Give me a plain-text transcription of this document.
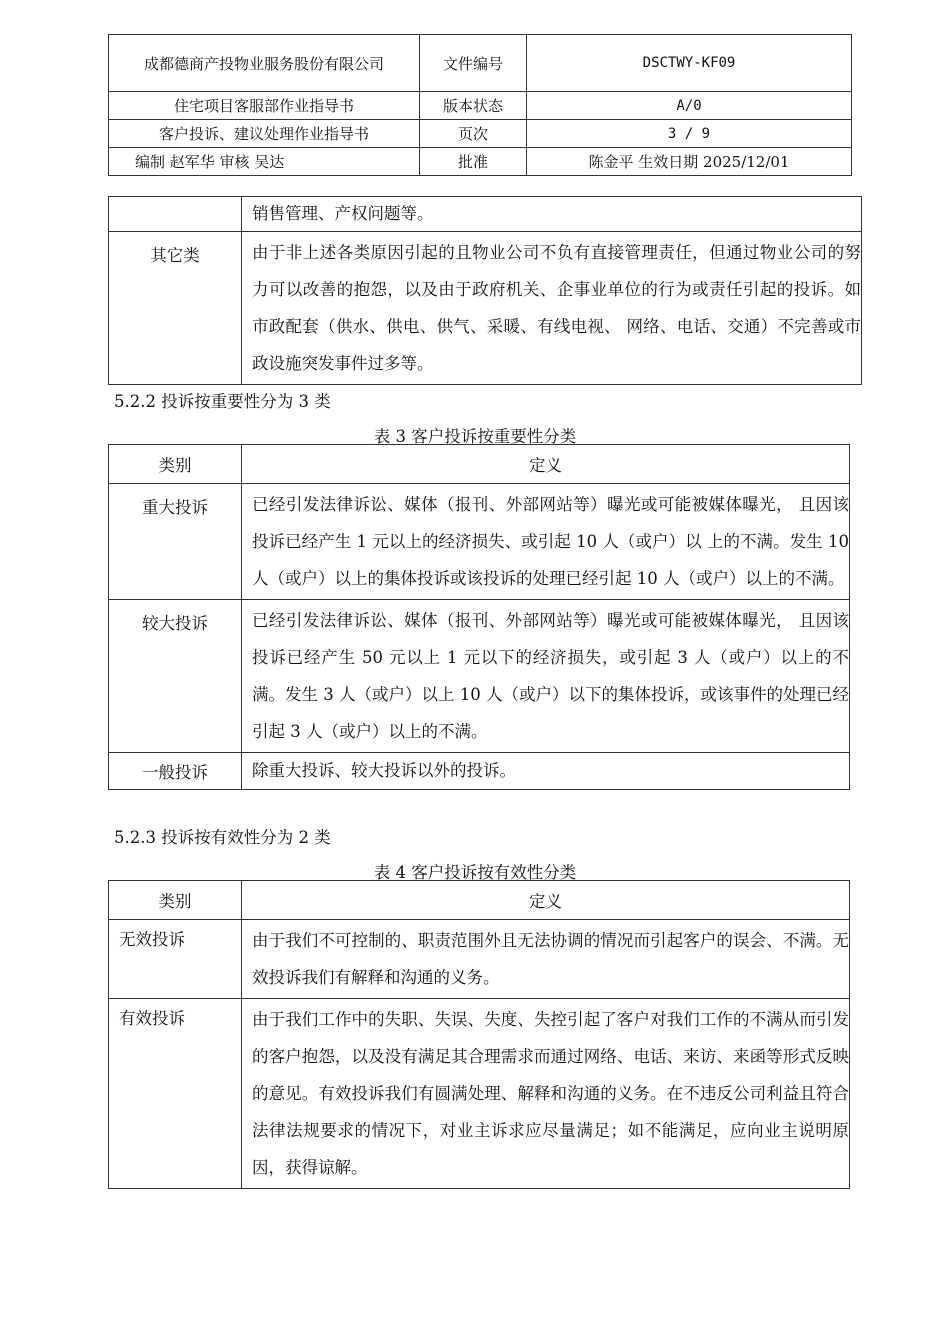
成都德商产投物业服务股份有限公司	文件编号	DSCTWY-KF09
住宅项目客服部作业指导书	版本状态	A/0
客户投诉、建议处理作业指导书	页次	3 / 9
编制 赵军华 审核 吴达	批准	陈金平 生效日期 2025/12/01
	销售管理、产权问题等。

其它类	由于非上述各类原因引起的且物业公司不负有直接管理责任，但通过物业公司的努力可以改善的抱怨，以及由于政府机关、企事业单位的行为或责任引起的投诉。如市政配套（供水、供电、供气、采暖、有线电视、 网络、电话、交通）不完善或市政设施突发事件过多等。
5.2.2 投诉按重要性分为 3 类
表 3 客户投诉按重要性分类
类别	定义

重大投诉	已经引发法律诉讼、媒体（报刊、外部网站等）曝光或可能被媒体曝光， 且因该投诉已经产生 1 元以上的经济损失、或引起 10 人（或户）以 上的不满。发生 10 人（或户）以上的集体投诉或该投诉的处理已经引起 10 人（或户）以上的不满。

较大投诉	已经引发法律诉讼、媒体（报刊、外部网站等）曝光或可能被媒体曝光， 且因该投诉已经产生 50 元以上 1 元以下的经济损失，或引起 3 人（或户）以上的不满。发生 3 人（或户）以上 10 人（或户）以下的集体投诉，或该事件的处理已经引起 3 人（或户）以上的不满。
一般投诉	除重大投诉、较大投诉以外的投诉。
5.2.3 投诉按有效性分为 2 类
表 4 客户投诉按有效性分类
类别	定义

无效投诉	由于我们不可控制的、职责范围外且无法协调的情况而引起客户的误会、不满。无效投诉我们有解释和沟通的义务。

有效投诉	由于我们工作中的失职、失误、失度、失控引起了客户对我们工作的不满从而引发的客户抱怨，以及没有满足其合理需求而通过网络、电话、来访、来函等形式反映的意见。有效投诉我们有圆满处理、解释和沟通的义务。在不违反公司利益且符合法律法规要求的情况下，对业主诉求应尽量满足；如不能满足，应向业主说明原因，获得谅解。
